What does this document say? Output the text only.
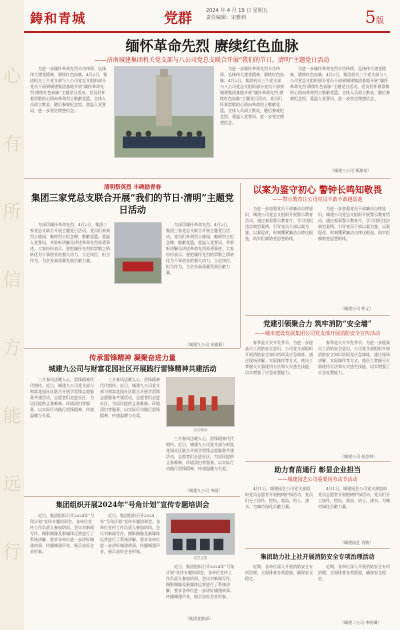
心
有
所
信
方
能
远
行
鋳和青城	党群	2024 年 4 月 19 日 星期五
责任编辑：宋雅莉	5版
缅怀革命先烈 赓续红色血脉
——济南城建集团机关党支部与八公司党总支联合开展“我们的节日，清明”主题党日活动
为进一步缅怀革命先烈丰功伟绩，弘扬伟大建党精神，赓续红色血脉，4月2日，集团机关三个党支部与八公司党总支组织部分党员干部到城建集团基地开展“缅怀革命先烈·赓续红色血脉”主题党日活动。党员们怀着崇敬的心情向革命烈士敬献花篮，全体人员肃立默哀，随后参观纪念馆，重温入党誓词，进一步坚定理想信念。
为进一步缅怀革命先烈丰功伟绩，弘扬伟大建党精神，赓续红色血脉，4月2日，集团机关三个党支部与八公司党总支组织部分党员干部到城建集团基地开展“缅怀革命先烈·赓续红色血脉”主题党日活动。党员们怀着崇敬的心情向革命烈士敬献花篮，全体人员肃立默哀，随后参观纪念馆，重温入党誓词，进一步坚定理想信念。
为进一步缅怀革命先烈丰功伟绩，弘扬伟大建党精神，赓续红色血脉，4月2日，集团机关三个党支部与八公司党总支组织部分党员干部到城建集团基地开展“缅怀革命先烈·赓续红色血脉”主题党日活动。党员们怀着崇敬的心情向革命烈士敬献花篮，全体人员肃立默哀，随后参观纪念馆，重温入党誓词，进一步坚定理想信念。
（城建八公司 邢源泉）
清明祭英烈 丰碑励青春
集团三家党总支联合开展“我们的节日·清明”主题党日活动
为深切缅怀革命先烈，4月2日，集团三家党总支联合开展主题党日活动。党员们来到烈士陵园，瞻仰烈士纪念碑，敬献花篮，重温入党誓词，并聆听讲解员讲述革命先烈英勇事迹。大家纷纷表示，要把缅怀先烈的崇敬之情转化为干事创业的强大动力，立足岗位，担当作为，为企业高质量发展贡献力量。
为深切缅怀革命先烈，4月2日，集团三家党总支联合开展主题党日活动。党员们来到烈士陵园，瞻仰烈士纪念碑，敬献花篮，重温入党誓词，并聆听讲解员讲述革命先烈英勇事迹。大家纷纷表示，要把缅怀先烈的崇敬之情转化为干事创业的强大动力，立足岗位，担当作为，为企业高质量发展贡献力量。
（城建九公司 宋雅莉）
以案为鉴守初心 警钟长鸣知敬畏
——警示教育让公司党员不敢不敢越雷池
为进一步加强党员干部廉洁自律意识，城建公司党总支组织开展警示教育活动，通过观看警示教育片、学习违纪违法典型案例，引导党员干部以案为鉴、以案促改，时刻绷紧廉洁自律这根弦，筑牢拒腐防变思想防线。
为进一步加强党员干部廉洁自律意识，城建公司党总支组织开展警示教育活动，通过观看警示教育片、学习违纪违法典型案例，引导党员干部以案为鉴、以案促改，时刻绷紧廉洁自律这根弦，筑牢拒腐防变思想防线。
（城建公司 仲义）
党建引领聚合力 筑牢消防“安全墙”
——城市建设发展集团公司党支部开展消防安全宣传活动
春季是火灾多发季节，为进一步提高员工消防安全意识，公司党支部组织开展消防安全知识培训及应急演练，通过现场讲解、实际操作等方式，使员工掌握灭火器使用方法和火灾逃生技能，切实增强了应急处置能力。
春季是火灾多发季节，为进一步提高员工消防安全意识，公司党支部组织开展消防安全知识培训及应急演练，通过现场讲解、实际操作等方式，使员工掌握灭火器使用方法和火灾逃生技能，切实增强了应急处置能力。
（城建公司 张会明）
传承雷锋精神 凝聚奋进力量
城建九公司与财富花园社区开展践行雷锋精神共建活动
三月春风送暖人心，雷锋精神代代相传。近日，城建九公司党支部与财富花园社区联合开展学雷锋志愿服务共建活动，志愿者们走进社区，为居民提供义务维修、环境清扫等服务，以实际行动践行雷锋精神，传递温暖与关爱。
三月春风送暖人心，雷锋精神代代相传。近日，城建九公司党支部与财富花园社区联合开展学雷锋志愿服务共建活动，志愿者们走进社区，为居民提供义务维修、环境清扫等服务，以实际行动践行雷锋精神，传递温暖与关爱。
活动现场
三月春风送暖人心，雷锋精神代代相传。近日，城建九公司党支部与财富花园社区联合开展学雷锋志愿服务共建活动，志愿者们走进社区，为居民提供义务维修、环境清扫等服务，以实际行动践行雷锋精神，传递温暖与关爱。
（城建九公司 李丽）
助力育苗通行 彰显企业担当
——城建园艺公司重要用劳动节活动
4月1日，城建园艺公司党支部组织党员志愿者开展植树护绿活动，党员们分工协作，挖坑、栽苗、培土、浇水，为城市绿化贡献力量。
4月1日，城建园艺公司党支部组织党员志愿者开展植树护绿活动，党员们分工协作，挖坑、栽苗、培土、浇水，为城市绿化贡献力量。
（城建园艺 肖敏）
集团组织开展2024年“号角计划”宣传专题培训会
近日，集团组织召开2024年“号角计划”宣传专题培训会，各单位宣传工作负责人参加培训。会议对新闻写作、摄影摄像及新媒体运营进行了系统讲解，要求各单位进一步讲好城建故事，传播城建声音，展示良好企业形象。
近日，集团组织召开2024年“号角计划”宣传专题培训会，各单位宣传工作负责人参加培训。会议对新闻写作、摄影摄像及新媒体运营进行了系统讲解，要求各单位进一步讲好城建故事，传播城建声音，展示良好企业形象。
党员宣誓
近日，集团组织召开2024年“号角计划”宣传专题培训会，各单位宣传工作负责人参加培训。会议对新闻写作、摄影摄像及新媒体运营进行了系统讲解，要求各单位进一步讲好城建故事，传播城建声音，展示良好企业形象。
（集团党群部）
集团助力社上社开展消防安全专项治理活动
近期，各单位深入开展消防安全专项治理，全面排查各类隐患，确保安全稳定。
近期，各单位深入开展消防安全专项治理，全面排查各类隐患，确保安全稳定。
（城建二公司 李明琳）
